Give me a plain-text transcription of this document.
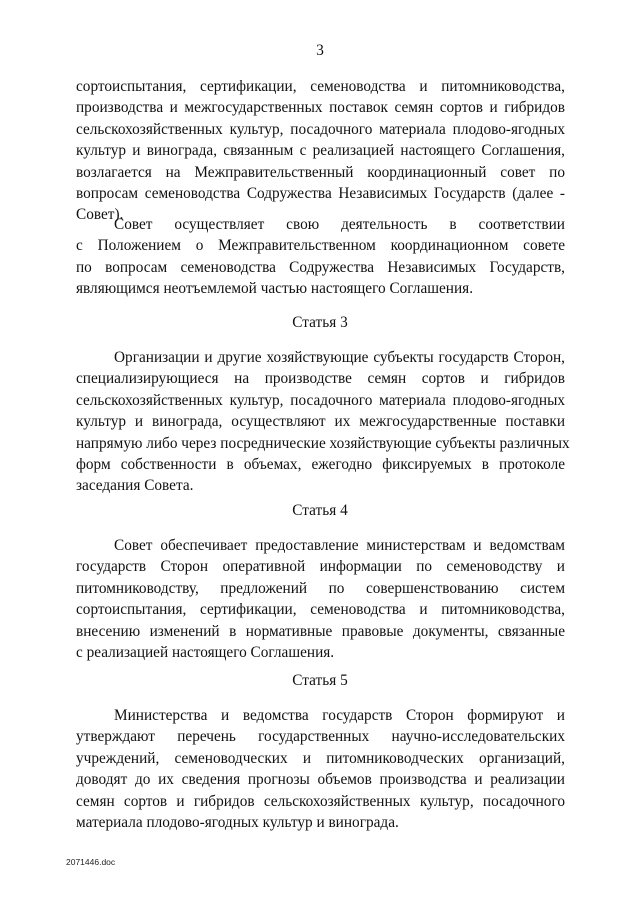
3
сортоиспытания, сертификации, семеноводства и питомниководства,
производства и межгосударственных поставок семян сортов и гибридов
сельскохозяйственных культур, посадочного материала плодово-ягодных
культур и винограда, связанным с реализацией настоящего Соглашения,
возлагается на Межправительственный координационный совет по
вопросам семеноводства Содружества Независимых Государств (далее -
Совет).
Совет осуществляет свою деятельность в соответствии
с Положением о Межправительственном координационном совете
по вопросам семеноводства Содружества Независимых Государств,
являющимся неотъемлемой частью настоящего Соглашения.
Статья 3
Организации и другие хозяйствующие субъекты государств Сторон,
специализирующиеся на производстве семян сортов и гибридов
сельскохозяйственных культур, посадочного материала плодово-ягодных
культур и винограда, осуществляют их межгосударственные поставки
напрямую либо через посреднические хозяйствующие субъекты различных
форм собственности в объемах, ежегодно фиксируемых в протоколе
заседания Совета.
Статья 4
Совет обеспечивает предоставление министерствам и ведомствам
государств Сторон оперативной информации по семеноводству и
питомниководству, предложений по совершенствованию систем
сортоиспытания, сертификации, семеноводства и питомниководства,
внесению изменений в нормативные правовые документы, связанные
с реализацией настоящего Соглашения.
Статья 5
Министерства и ведомства государств Сторон формируют и
утверждают перечень государственных научно-исследовательских
учреждений, семеноводческих и питомниководческих организаций,
доводят до их сведения прогнозы объемов производства и реализации
семян сортов и гибридов сельскохозяйственных культур, посадочного
материала плодово-ягодных культур и винограда.
2071446.doc
